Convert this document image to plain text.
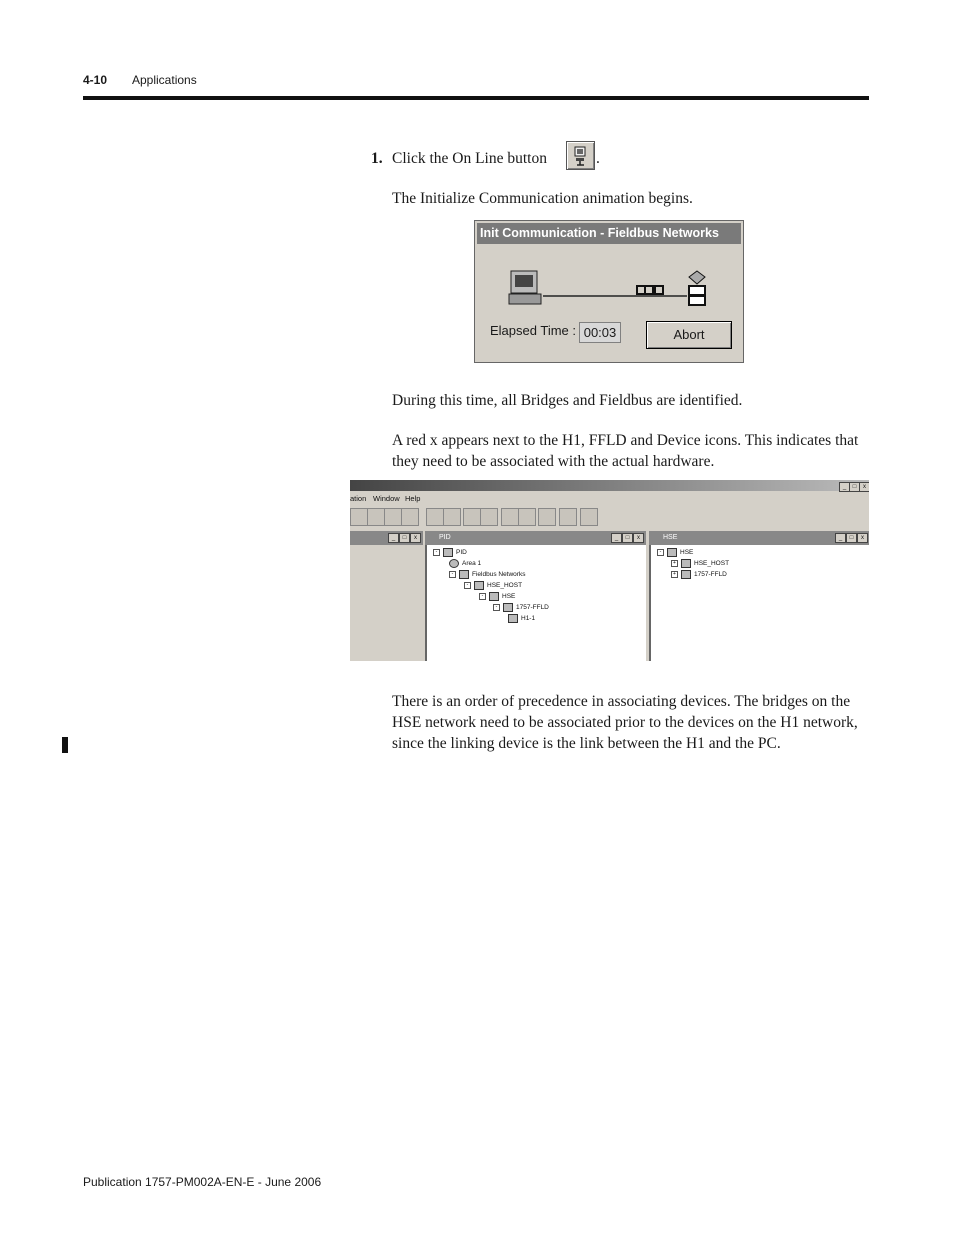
4-10 Applications
1. Click the On Line button	.
The Initialize Communication animation begins.
Init Communication - Fieldbus Networks
Elapsed Time : 00:03	Abort
During this time, all Bridges and Fieldbus are identified.
A red x appears next to the H1, FFLD and Device icons. This indicates that they need to be associated with the actual hardware.
_	□	x
ation Window Help
_	□	x	PID
-	PID
Area 1
-	Fieldbus Networks
-	HSE_HOST
-	HSE
-	1757-FFLD
H1-1
_	□	x	HSE
-	HSE
+	HSE_HOST
+	1757-FFLD
_	□	x
There is an order of precedence in associating devices. The bridges on the HSE network need to be associated prior to the devices on the H1 network, since the linking device is the link between the H1 and the PC.
Publication 1757-PM002A-EN-E - June 2006
